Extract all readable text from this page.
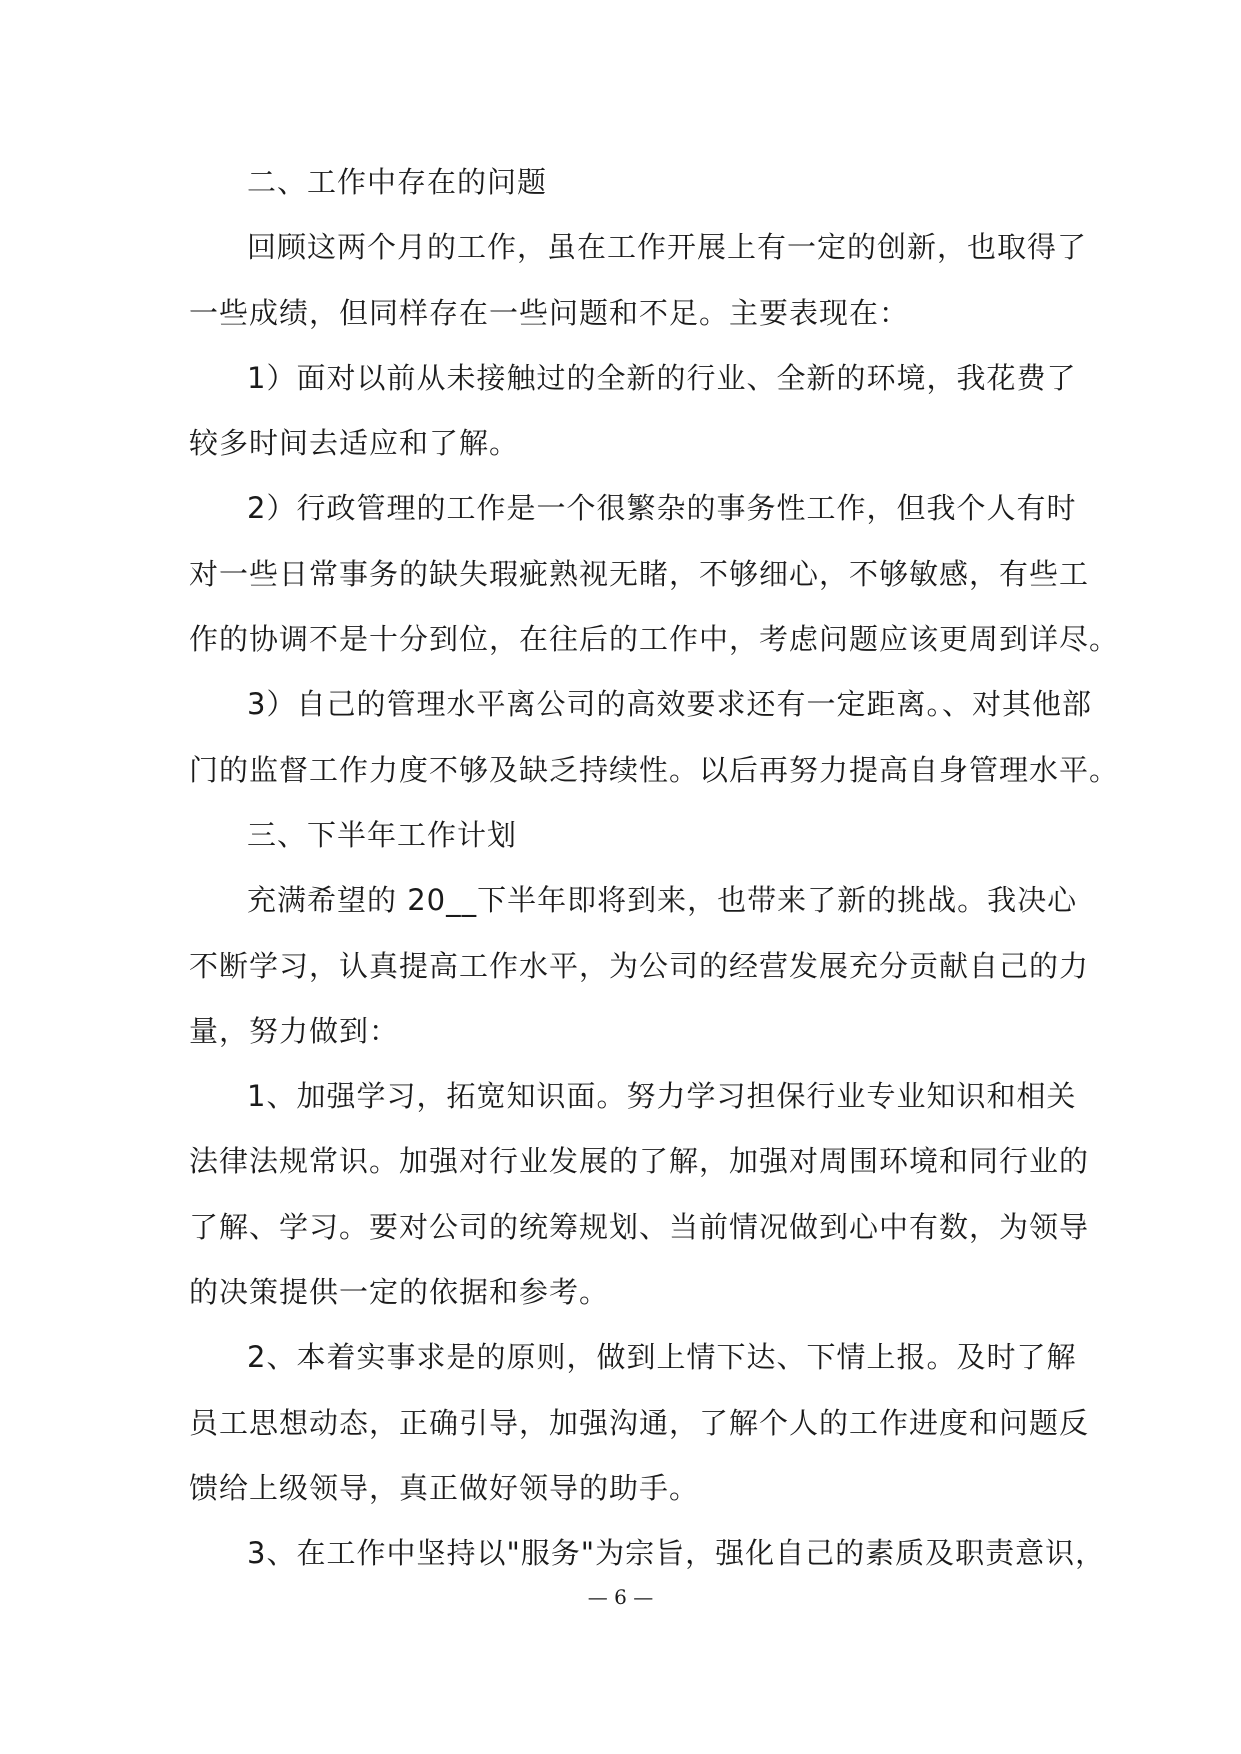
二、工作中存在的问题
回顾这两个月的工作，虽在工作开展上有一定的创新，也取得了
一些成绩，但同样存在一些问题和不足。主要表现在：
1）面对以前从未接触过的全新的行业、全新的环境，我花费了
较多时间去适应和了解。
2）行政管理的工作是一个很繁杂的事务性工作，但我个人有时
对一些日常事务的缺失瑕疵熟视无睹，不够细心，不够敏感，有些工
作的协调不是十分到位，在往后的工作中，考虑问题应该更周到详尽。
3）自己的管理水平离公司的高效要求还有一定距离。、对其他部
门的监督工作力度不够及缺乏持续性。以后再努力提高自身管理水平。
三、下半年工作计划
充满希望的 20__下半年即将到来，也带来了新的挑战。我决心
不断学习，认真提高工作水平，为公司的经营发展充分贡献自己的力
量，努力做到：
1、加强学习，拓宽知识面。努力学习担保行业专业知识和相关
法律法规常识。加强对行业发展的了解，加强对周围环境和同行业的
了解、学习。要对公司的统筹规划、当前情况做到心中有数，为领导
的决策提供一定的依据和参考。
2、本着实事求是的原则，做到上情下达、下情上报。及时了解
员工思想动态，正确引导，加强沟通，了解个人的工作进度和问题反
馈给上级领导，真正做好领导的助手。
3、在工作中坚持以"服务"为宗旨，强化自己的素质及职责意识，
— 6 —
